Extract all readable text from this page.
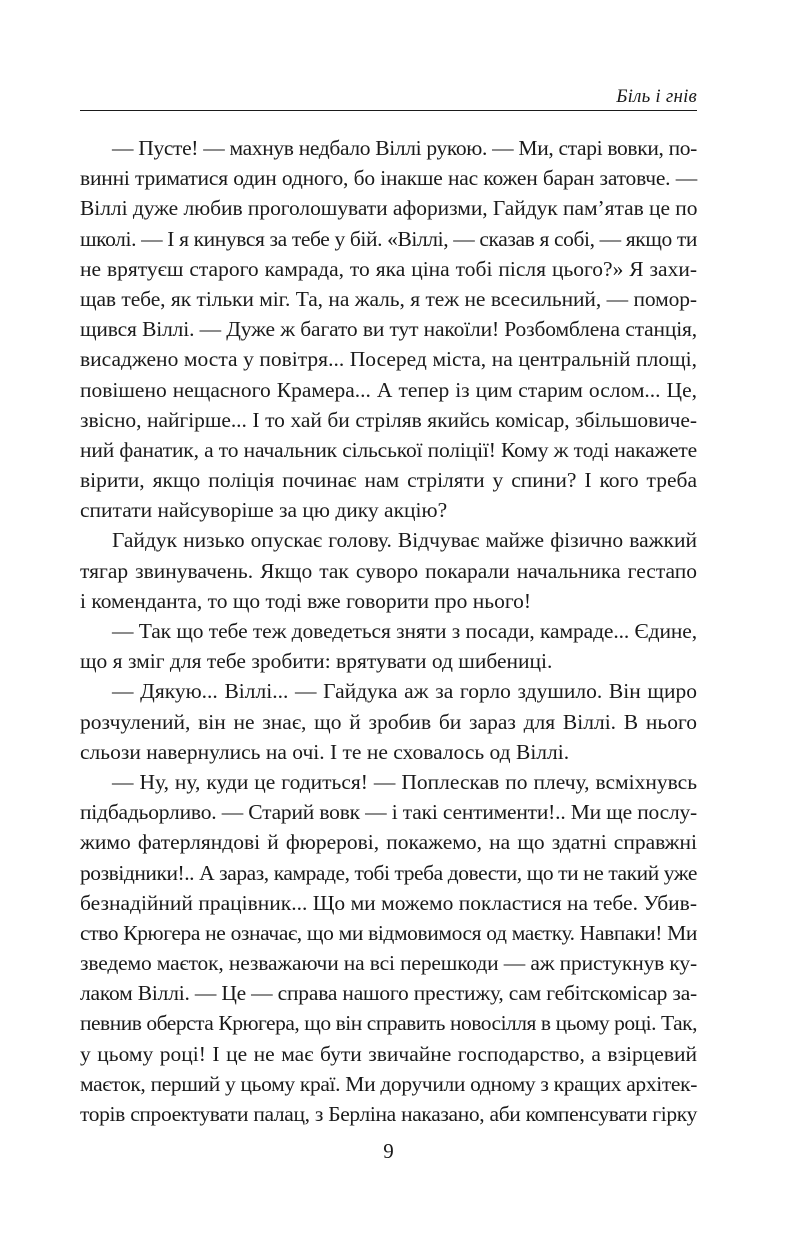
Біль і гнів
— Пусте! — махнув недбало Віллі рукою. — Ми, старі вовки, по-
винні триматися один одного, бо інакше нас кожен баран затовче. —
Віллі дуже любив проголошувати афоризми, Гайдук пам’ятав це по
школі. — І я кинувся за тебе у бій. «Віллі, — сказав я собі, — якщо ти
не врятуєш старого камрада, то яка ціна тобі після цього?» Я захи-
щав тебе, як тільки міг. Та, на жаль, я теж не всесильний, — помор-
щився Віллі. — Дуже ж багато ви тут накоїли! Розбомблена станція,
висаджено моста у повітря... Посеред міста, на центральній площі,
повішено нещасного Крамера... А тепер із цим старим ослом... Це,
звісно, найгірше... І то хай би стріляв якийсь комісар, збільшовиче-
ний фанатик, а то начальник сільської поліції! Кому ж тоді накажете
вірити, якщо поліція починає нам стріляти у спини? І кого треба
спитати найсуворіше за цю дику акцію?
Гайдук низько опускає голову. Відчуває майже фізично важкий
тягар звинувачень. Якщо так суворо покарали начальника гестапо
і коменданта, то що тоді вже говорити про нього!
— Так що тебе теж доведеться зняти з посади, камраде... Єдине,
що я зміг для тебе зробити: врятувати од шибениці.
— Дякую... Віллі... — Гайдука аж за горло здушило. Він щиро
розчулений, він не знає, що й зробив би зараз для Віллі. В нього
сльози навернулись на очі. І те не сховалось од Віллі.
— Ну, ну, куди це годиться! — Поплескав по плечу, всміхнувсь
підбадьорливо. — Старий вовк — і такі сентименти!.. Ми ще послу-
жимо фатерляндові й фюрерові, покажемо, на що здатні справжні
розвідники!.. А зараз, камраде, тобі треба довести, що ти не такий уже
безнадійний працівник... Що ми можемо покластися на тебе. Убив-
ство Крюгера не означає, що ми відмовимося од маєтку. Навпаки! Ми
зведемо маєток, незважаючи на всі перешкоди — аж пристукнув ку-
лаком Віллі. — Це — справа нашого престижу, сам гебітскомісар за-
певнив оберста Крюгера, що він справить новосілля в цьому році. Так,
у цьому році! І це не має бути звичайне господарство, а взірцевий
маєток, перший у цьому краї. Ми доручили одному з кращих архітек-
торів спроектувати палац, з Берліна наказано, аби компенсувати гірку
9
